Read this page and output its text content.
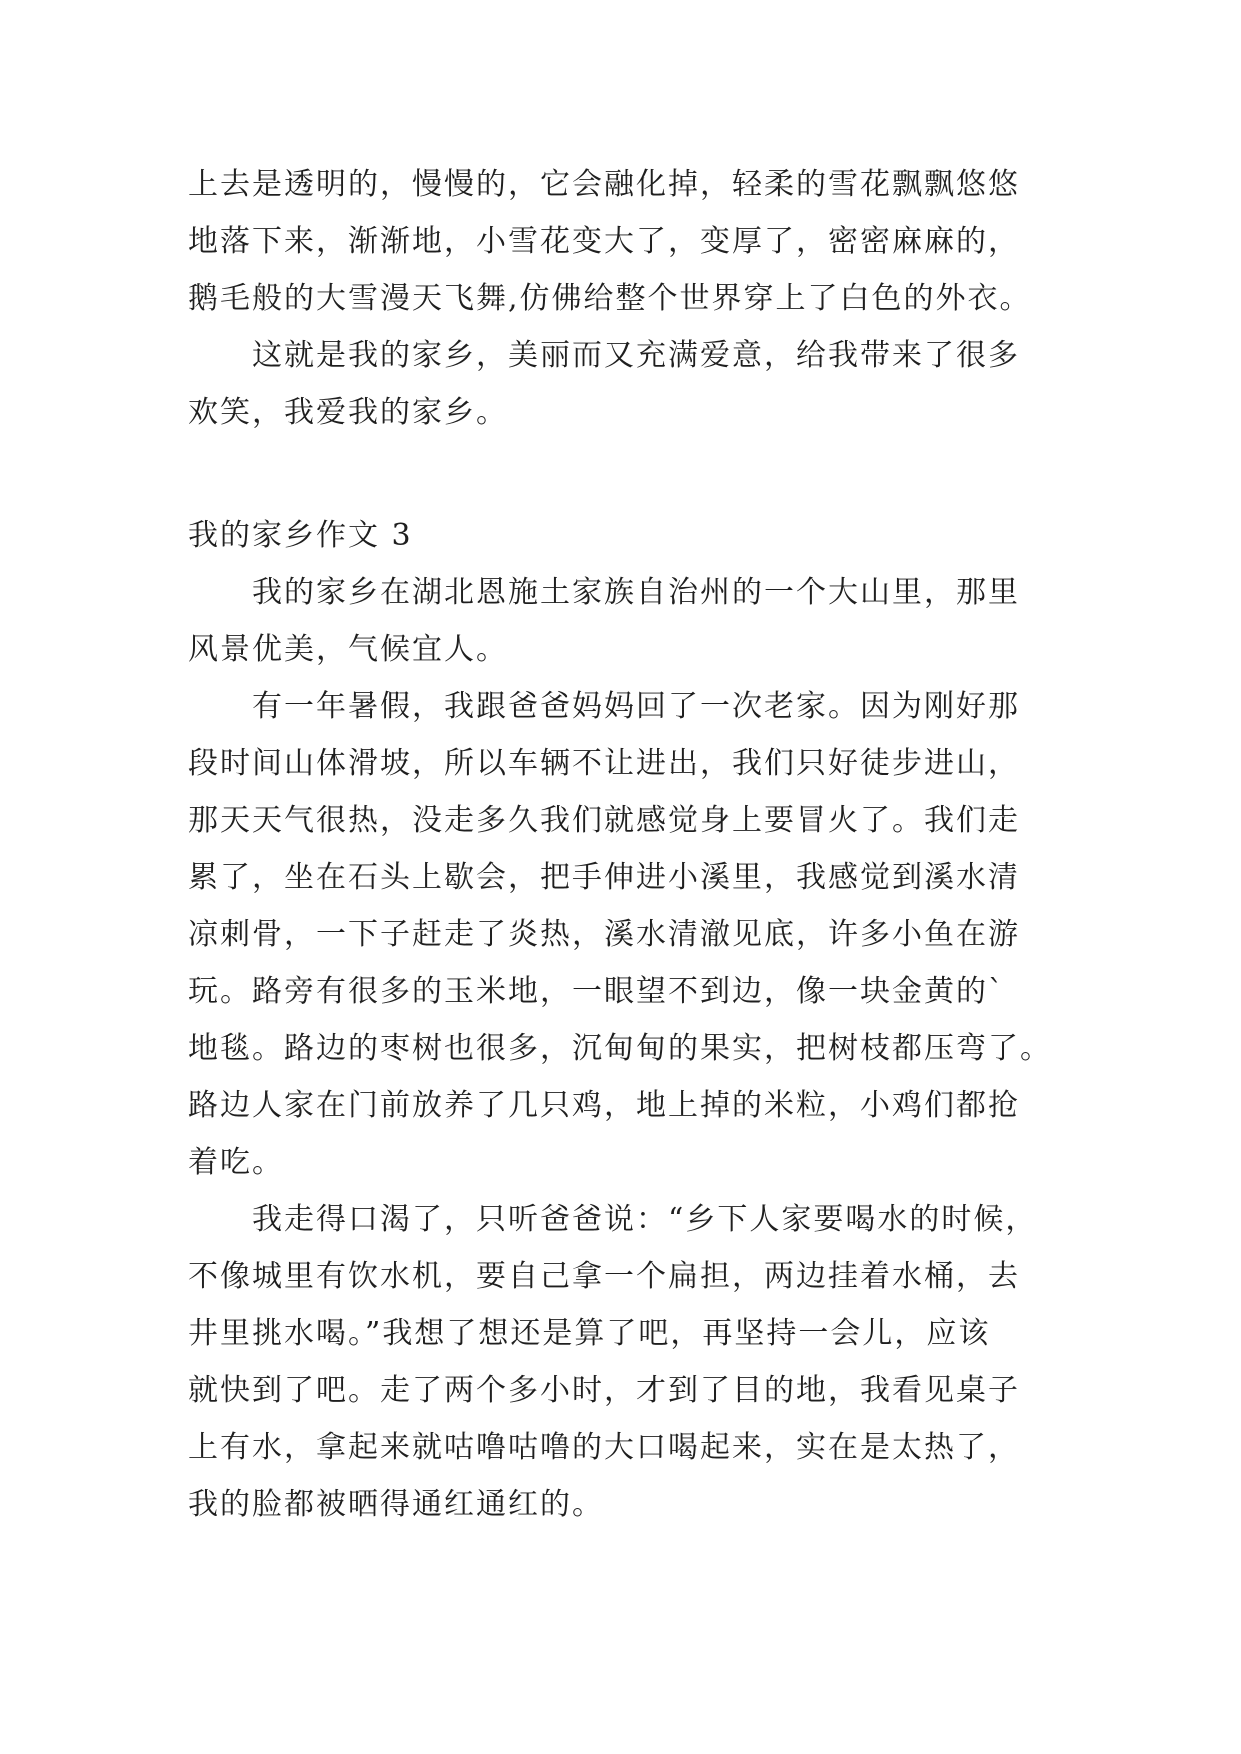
上去是透明的，慢慢的，它会融化掉，轻柔的雪花飘飘悠悠
地落下来，渐渐地，小雪花变大了，变厚了，密密麻麻的，
鹅毛般的大雪漫天飞舞,仿佛给整个世界穿上了白色的外衣。
这就是我的家乡，美丽而又充满爱意，给我带来了很多
欢笑，我爱我的家乡。
我的家乡作文 3
我的家乡在湖北恩施土家族自治州的一个大山里，那里
风景优美，气候宜人。
有一年暑假，我跟爸爸妈妈回了一次老家。因为刚好那
段时间山体滑坡，所以车辆不让进出，我们只好徒步进山，
那天天气很热，没走多久我们就感觉身上要冒火了。我们走
累了，坐在石头上歇会，把手伸进小溪里，我感觉到溪水清
凉刺骨，一下子赶走了炎热，溪水清澈见底，许多小鱼在游
玩。路旁有很多的玉米地，一眼望不到边，像一块金黄的`
地毯。路边的枣树也很多，沉甸甸的果实，把树枝都压弯了。
路边人家在门前放养了几只鸡，地上掉的米粒，小鸡们都抢
着吃。
我走得口渴了，只听爸爸说：“乡下人家要喝水的时候，
不像城里有饮水机，要自己拿一个扁担，两边挂着水桶，去
井里挑水喝。”我想了想还是算了吧，再坚持一会儿，应该
就快到了吧。走了两个多小时，才到了目的地，我看见桌子
上有水，拿起来就咕噜咕噜的大口喝起来，实在是太热了，
我的脸都被晒得通红通红的。
